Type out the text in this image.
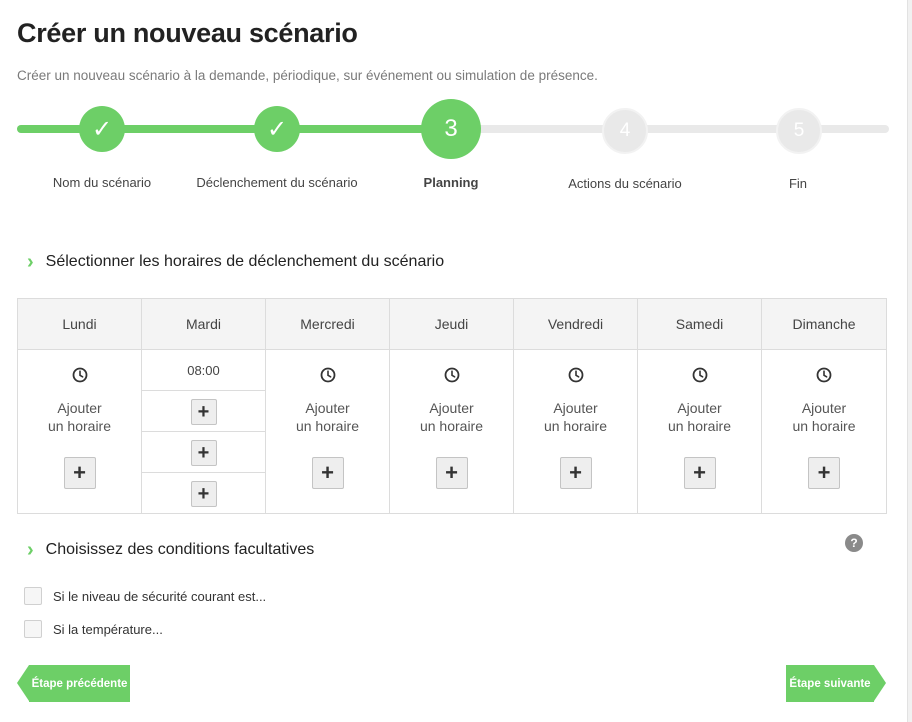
Créer un nouveau scénario

Créer un nouveau scénario à la demande, périodique, sur événement ou simulation de présence.

✓
Nom du scénario
✓
Déclenchement du scénario
3
Planning
4
Actions du scénario
5
Fin
› Sélectionner les horaires de déclenchement du scénario
Lundi
Ajouter
un horaire
+
Mardi
08:00
+
+
+
Mercredi
Ajouter
un horaire
+
Jeudi
Ajouter
un horaire
+
Vendredi
Ajouter
un horaire
+
Samedi
Ajouter
un horaire
+
Dimanche
Ajouter
un horaire
+
› Choisissez des conditions facultatives	?
Si le niveau de sécurité courant est...
Si la température...
Étape précédente	Étape suivante
